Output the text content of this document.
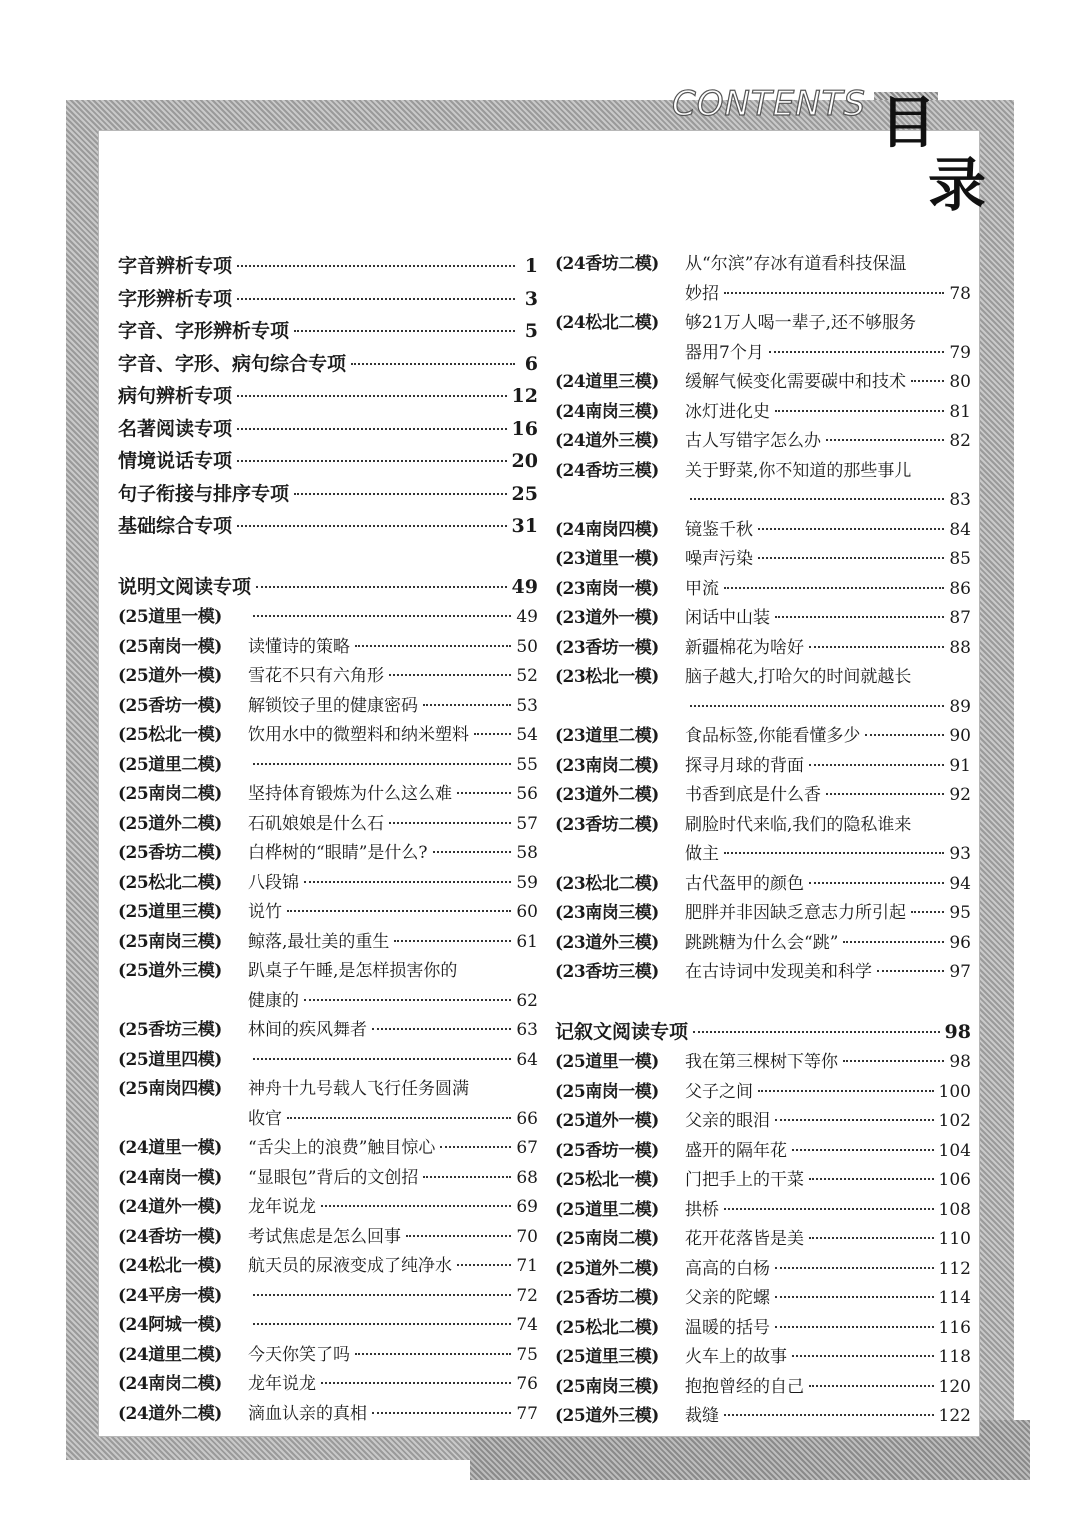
CONTENTS 目
录
字音辨析专项	1
字形辨析专项	3
字音、字形辨析专项	5
字音、字形、病句综合专项	6
病句辨析专项	12
名著阅读专项	16
情境说话专项	20
句子衔接与排序专项	25
基础综合专项	31
说明文阅读专项	49
(25道里一模)	49
(25南岗一模)	读懂诗的策略	50
(25道外一模)	雪花不只有六角形	52
(25香坊一模)	解锁饺子里的健康密码	53
(25松北一模)	饮用水中的微塑料和纳米塑料	54
(25道里二模)	55
(25南岗二模)	坚持体育锻炼为什么这么难	56
(25道外二模)	石矶娘娘是什么石	57
(25香坊二模)	白桦树的“眼睛”是什么?	58
(25松北二模)	八段锦	59
(25道里三模)	说竹	60
(25南岗三模)	鲸落,最壮美的重生	61
(25道外三模)	趴桌子午睡,是怎样损害你的
健康的	62
(25香坊三模)	林间的疾风舞者	63
(25道里四模)	64
(25南岗四模)	神舟十九号载人飞行任务圆满
收官	66
(24道里一模)	“舌尖上的浪费”触目惊心	67
(24南岗一模)	“显眼包”背后的文创招	68
(24道外一模)	龙年说龙	69
(24香坊一模)	考试焦虑是怎么回事	70
(24松北一模)	航天员的尿液变成了纯净水	71
(24平房一模)	72
(24阿城一模)	74
(24道里二模)	今天你笑了吗	75
(24南岗二模)	龙年说龙	76
(24道外二模)	滴血认亲的真相	77
(24香坊二模)	从“尔滨”存冰有道看科技保温
妙招	78
(24松北二模)	够21万人喝一辈子,还不够服务
器用7个月	79
(24道里三模)	缓解气候变化需要碳中和技术	80
(24南岗三模)	冰灯进化史	81
(24道外三模)	古人写错字怎么办	82
(24香坊三模)	关于野菜,你不知道的那些事儿
83
(24南岗四模)	镜鉴千秋	84
(23道里一模)	噪声污染	85
(23南岗一模)	甲流	86
(23道外一模)	闲话中山装	87
(23香坊一模)	新疆棉花为啥好	88
(23松北一模)	脑子越大,打哈欠的时间就越长
89
(23道里二模)	食品标签,你能看懂多少	90
(23南岗二模)	探寻月球的背面	91
(23道外二模)	书香到底是什么香	92
(23香坊二模)	刷脸时代来临,我们的隐私谁来
做主	93
(23松北二模)	古代盔甲的颜色	94
(23南岗三模)	肥胖并非因缺乏意志力所引起	95
(23道外三模)	跳跳糖为什么会“跳”	96
(23香坊三模)	在古诗词中发现美和科学	97
记叙文阅读专项	98
(25道里一模)	我在第三棵树下等你	98
(25南岗一模)	父子之间	100
(25道外一模)	父亲的眼泪	102
(25香坊一模)	盛开的隔年花	104
(25松北一模)	门把手上的干菜	106
(25道里二模)	拱桥	108
(25南岗二模)	花开花落皆是美	110
(25道外二模)	高高的白杨	112
(25香坊二模)	父亲的陀螺	114
(25松北二模)	温暖的括号	116
(25道里三模)	火车上的故事	118
(25南岗三模)	抱抱曾经的自己	120
(25道外三模)	裁缝	122
